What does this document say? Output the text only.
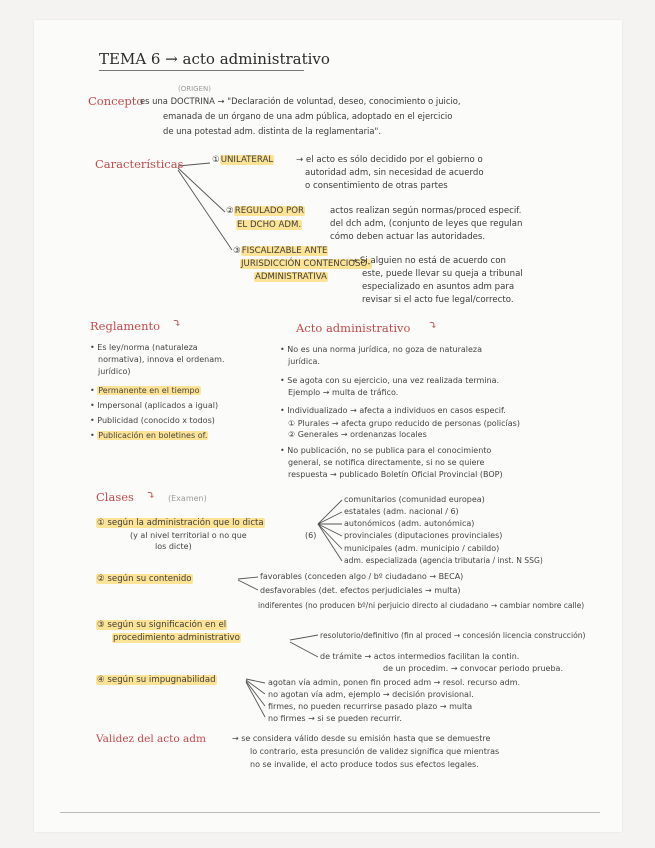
TEMA 6 → acto administrativo
Concepto
(ORIGEN)
es una DOCTRINA → "Declaración de voluntad, deseo, conocimiento o juicio,
emanada de un órgano de una adm pública, adoptado en el ejercicio
de una potestad adm. distinta de la reglamentaria".
Características	①UNILATERAL	→ el acto es sólo decidido por el gobierno o
autoridad adm, sin necesidad de acuerdo
o consentimiento de otras partes
②REGULADO POR
EL DCHO ADM.
actos realizan según normas/proced especif.
del dch adm, (conjunto de leyes que regulan
cómo deben actuar las autoridades.
③FISCALIZABLE ANTE
JURISDICCIÓN CONTENCIOSO-
ADMINISTRATIVA
→ Si alguien no está de acuerdo con
este, puede llevar su queja a tribunal
especializado en asuntos adm para
revisar si el acto fue legal/correcto.
Reglamento ⤵
• Es ley/norma (naturaleza
normativa), innova el ordenam.
jurídico)
• Permanente en el tiempo
• Impersonal (aplicados a igual)
• Publicidad (conocido x todos)
• Publicación en boletines of.
Acto administrativo ⤵
• No es una norma jurídica, no goza de naturaleza
jurídica.
• Se agota con su ejercicio, una vez realizada termina.
Ejemplo → multa de tráfico.
• Individualizado → afecta a individuos en casos especif.
① Plurales → afecta grupo reducido de personas (policías)
② Generales → ordenanzas locales
• No publicación, no se publica para el conocimiento
general, se notifica directamente, si no se quiere
respuesta → publicado Boletín Oficial Provincial (BOP)
Clases ⤵ (Examen)
① según la administración que lo dicta
(y al nivel territorial o no que
los dicte)
(6)
comunitarios (comunidad europea)
estatales (adm. nacional / 6)
autonómicos (adm. autonómica)
provinciales (diputaciones provinciales)
municipales (adm. municipio / cabildo)
adm. especializada (agencia tributaria / inst. N SSG)
② según su contenido	favorables (conceden algo / bº ciudadano → BECA)
desfavorables (det. efectos perjudiciales → multa)
indiferentes (no producen bº/ni perjuicio directo al ciudadano → cambiar nombre calle)
③ según su significación en el
procedimiento administrativo	resolutorio/definitivo (fin al proced → concesión licencia construcción)
de trámite → actos intermedios facilitan la contin.
de un procedim. → convocar periodo prueba.
④ según su impugnabilidad	agotan vía admin, ponen fin proced adm → resol. recurso adm.
no agotan vía adm, ejemplo → decisión provisional.
firmes, no pueden recurrirse pasado plazo → multa
no firmes → si se pueden recurrir.
Validez del acto adm	→ se considera válido desde su emisión hasta que se demuestre
lo contrario, esta presunción de validez significa que mientras
no se invalide, el acto produce todos sus efectos legales.
